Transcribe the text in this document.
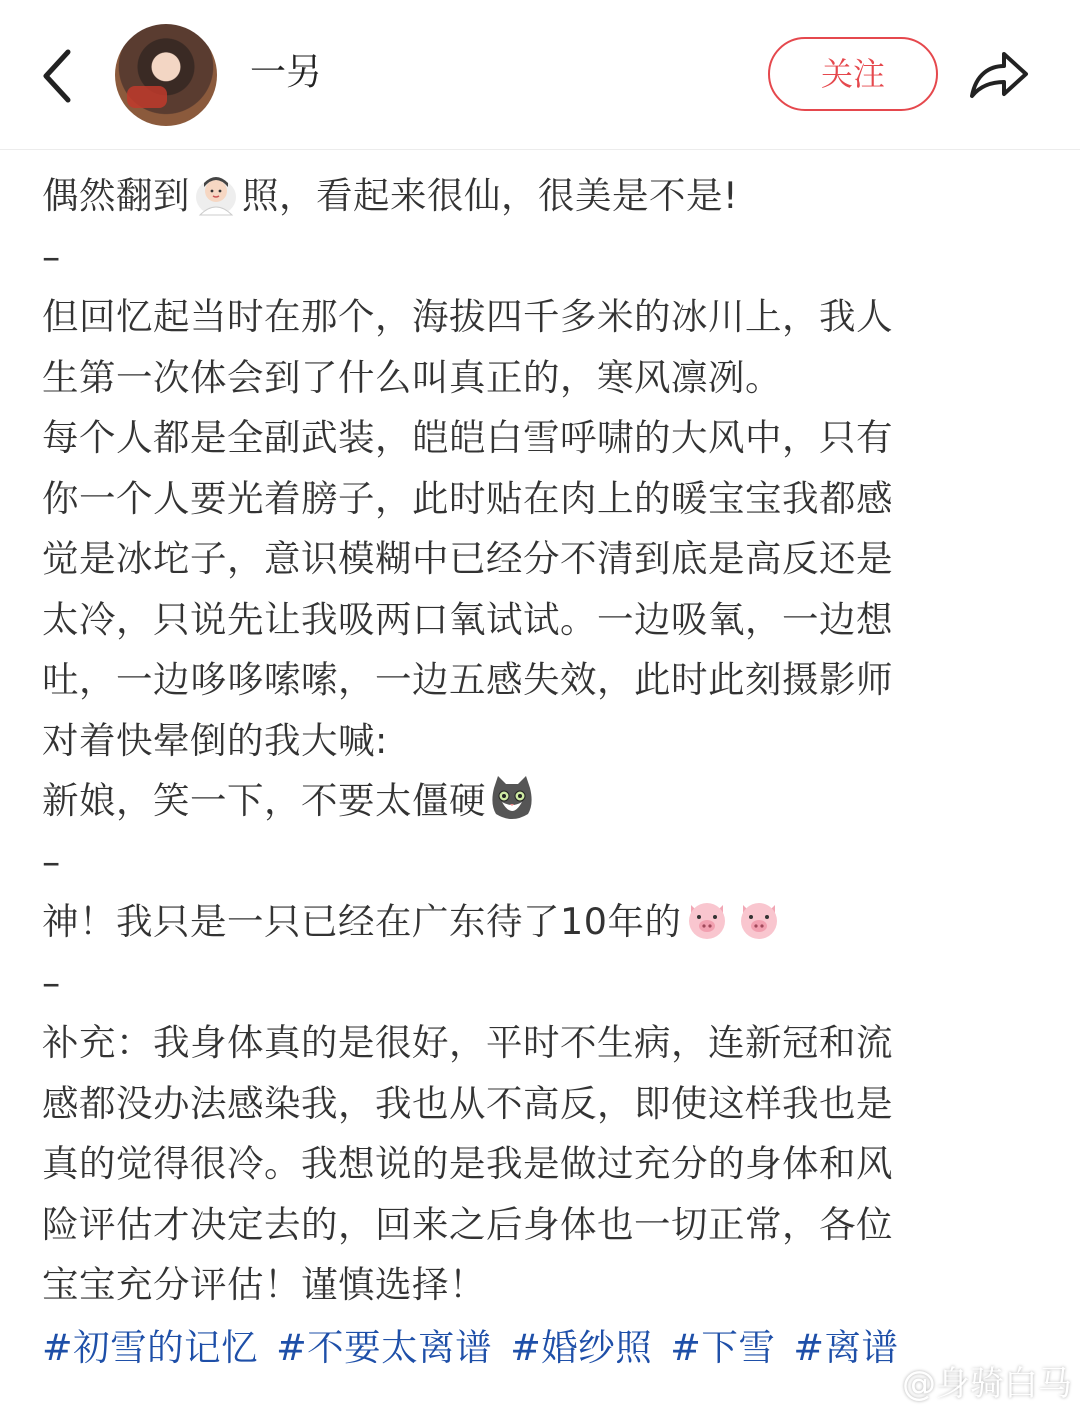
一另	关注
偶然翻到 照，看起来很仙，很美是不是!
–
但回忆起当时在那个，海拔四千多米的冰川上，我人
生第一次体会到了什么叫真正的，寒风凛冽。
每个人都是全副武装，皑皑白雪呼啸的大风中，只有
你一个人要光着膀子，此时贴在肉上的暖宝宝我都感
觉是冰坨子，意识模糊中已经分不清到底是高反还是
太冷，只说先让我吸两口氧试试。一边吸氧，一边想
吐，一边哆哆嗦嗦，一边五感失效，此时此刻摄影师
对着快晕倒的我大喊:
新娘，笑一下，不要太僵硬
–
神！我只是一只已经在广东待了10年的
–
补充：我身体真的是很好，平时不生病，连新冠和流
感都没办法感染我，我也从不高反，即使这样我也是
真的觉得很冷。我想说的是我是做过充分的身体和风
险评估才决定去的，回来之后身体也一切正常，各位
宝宝充分评估！谨慎选择！
#初雪的记忆 #不要太离谱 #婚纱照 #下雪 #离谱
@身骑白马
